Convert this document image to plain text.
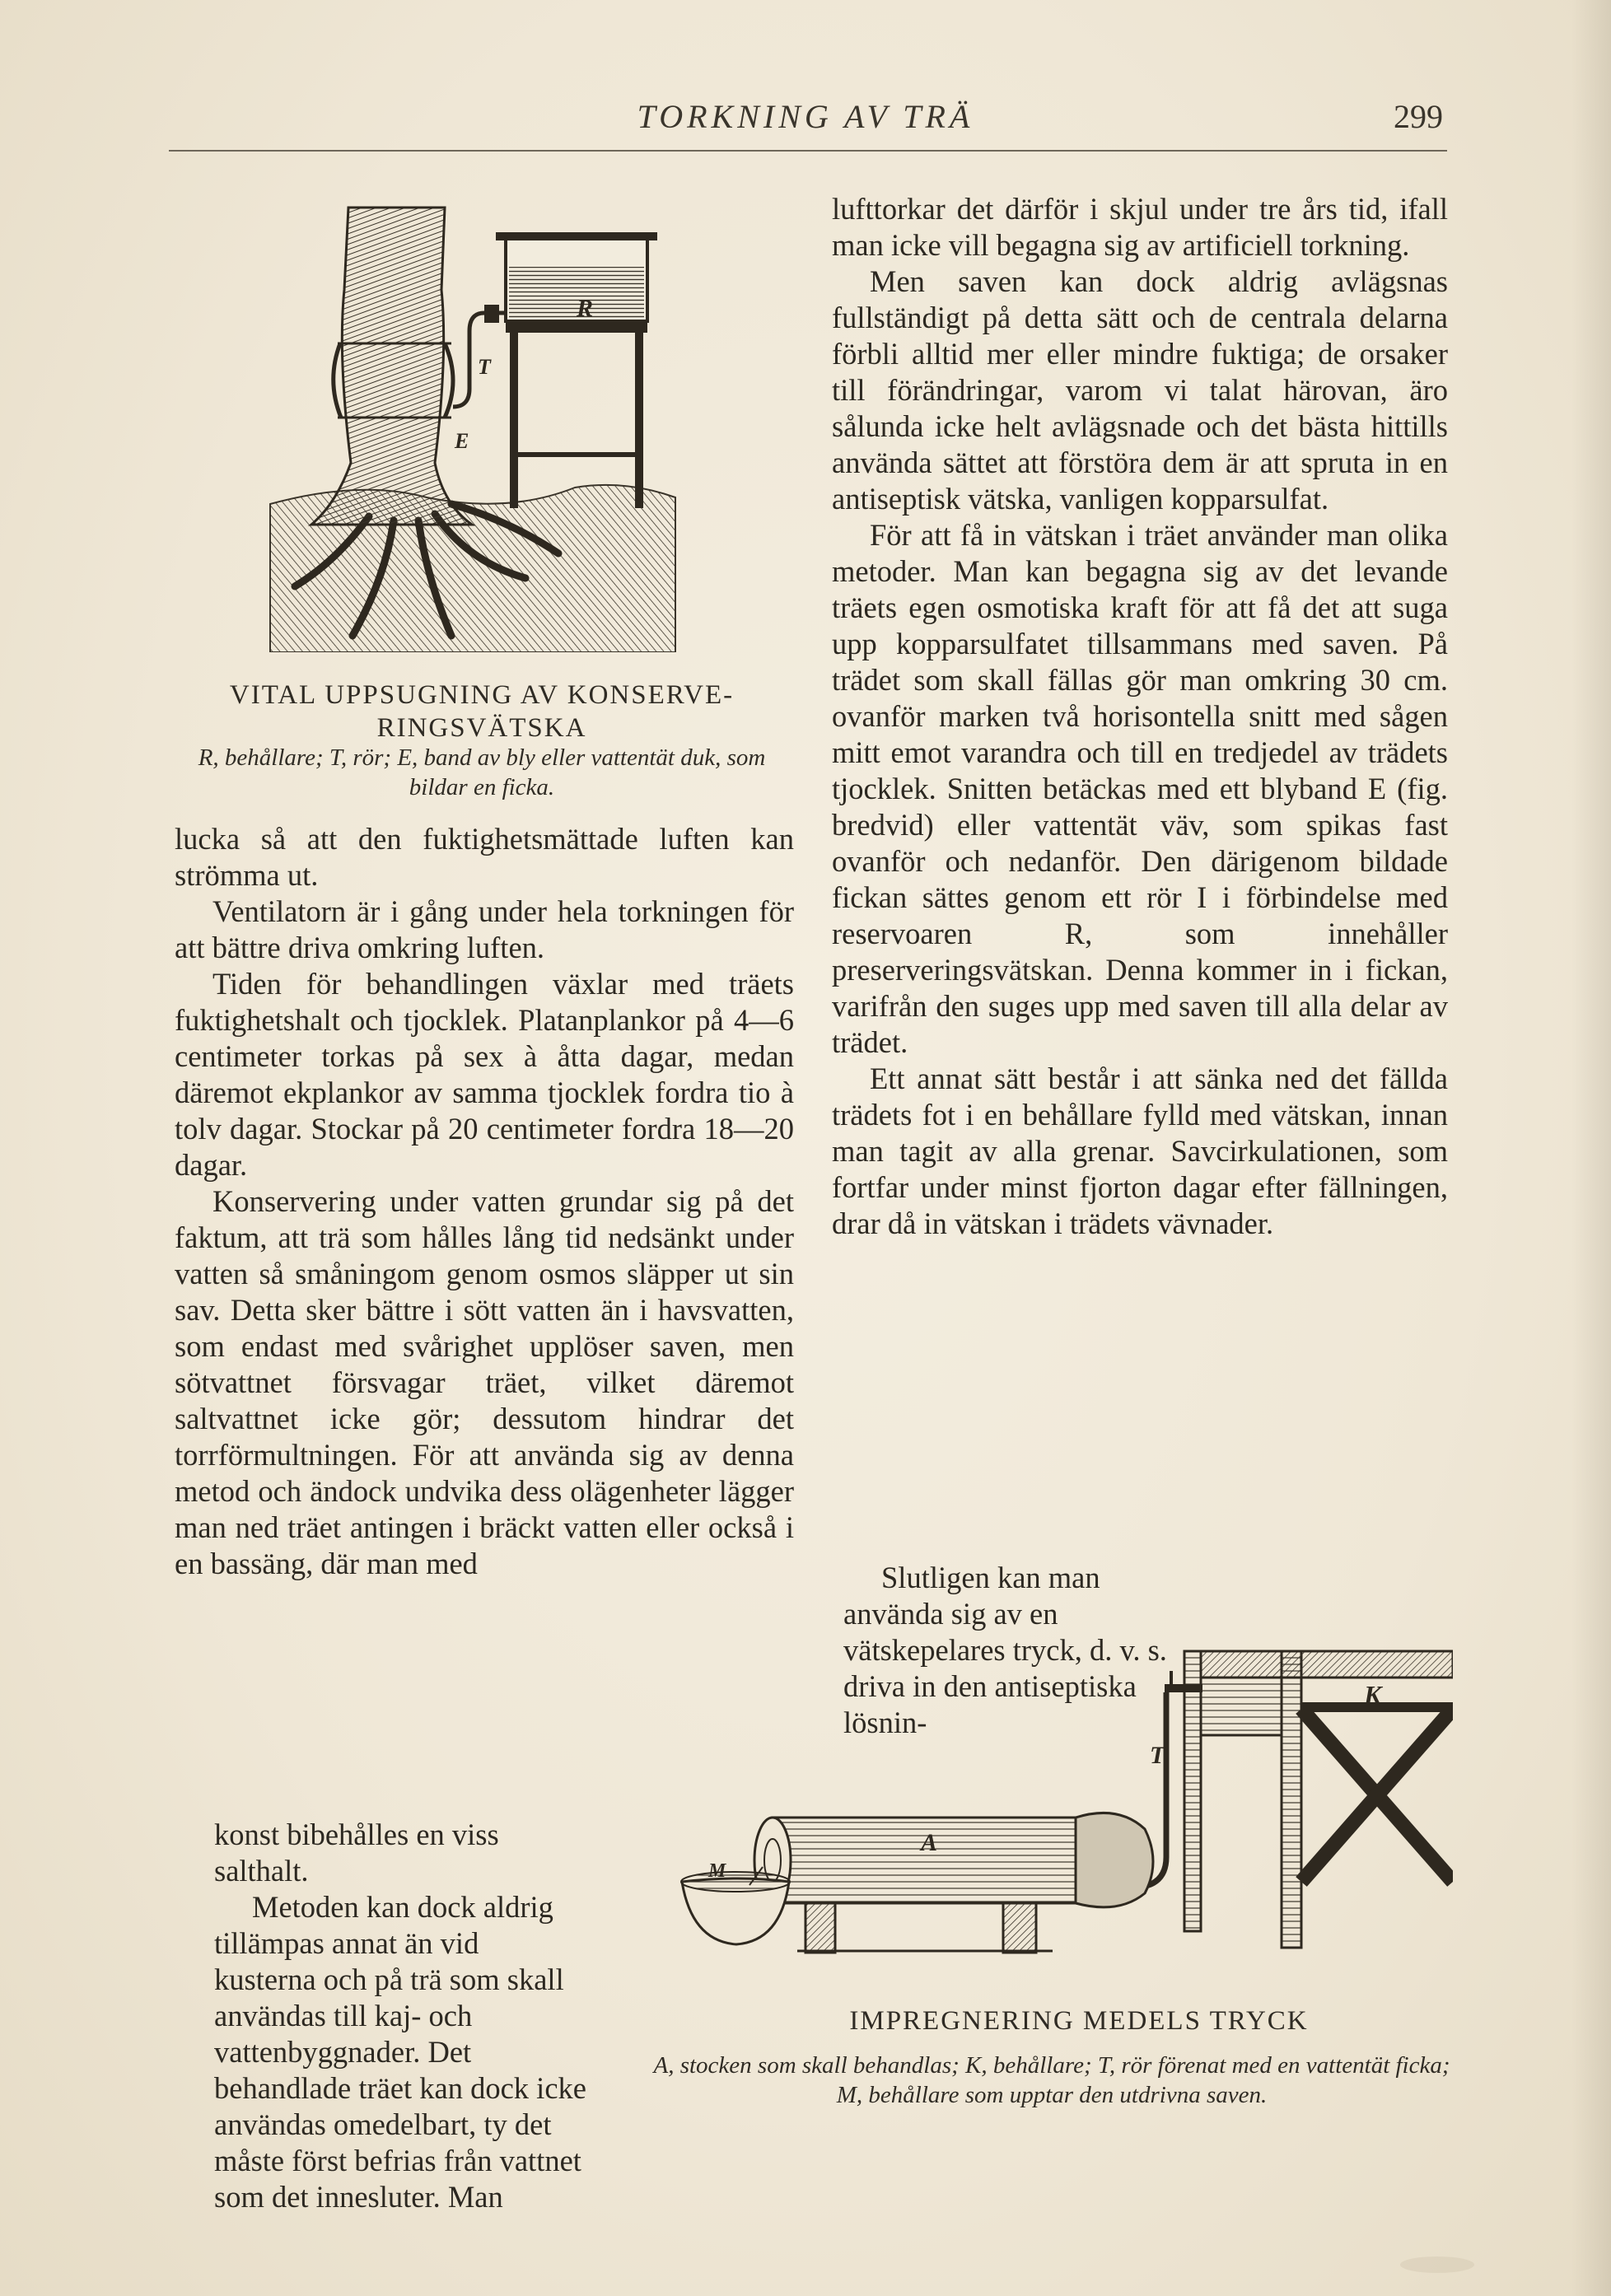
TORKNING AV TRÄ	299
R
T
E
VITAL UPPSUGNING AV KONSERVE-RINGSVÄTSKA
R, behållare; T, rör; E, band av bly eller vattentät duk, som bildar en ficka.

lucka så att den fuktighetsmättade luften kan strömma ut.

Ventilatorn är i gång under hela torkningen för att bättre driva omkring luften.

Tiden för behandlingen växlar med träets fuktighetshalt och tjocklek. Platanplankor på 4—6 centimeter torkas på sex à åtta dagar, medan däremot ekplankor av samma tjocklek fordra tio à tolv dagar. Stockar på 20 centimeter fordra 18—20 dagar.

Konservering under vatten grundar sig på det faktum, att trä som hålles lång tid nedsänkt under vatten så småningom genom osmos släpper ut sin sav. Detta sker bättre i sött vatten än i havsvatten, som endast med svårighet upplöser saven, men sötvattnet försvagar träet, vilket däremot saltvattnet icke gör; dessutom hindrar det torrförmultningen. För att använda sig av denna metod och ändock undvika dess olägenheter lägger man ned träet antingen i bräckt vatten eller också i en bassäng, där man med

konst bibehålles en viss salthalt.

Metoden kan dock aldrig tillämpas annat än vid kusterna och på trä som skall användas till kaj- och vattenbyggnader. Det behandlade träet kan dock icke användas omedelbart, ty det måste först befrias från vattnet som det innesluter. Man

lufttorkar det därför i skjul under tre års tid, ifall man icke vill begagna sig av artificiell torkning.

Men saven kan dock aldrig avlägsnas fullständigt på detta sätt och de centrala delarna förbli alltid mer eller mindre fuktiga; de orsaker till förändringar, varom vi talat härovan, äro sålunda icke helt avlägsnade och det bästa hittills använda sättet att förstöra dem är att spruta in en antiseptisk vätska, vanligen kopparsulfat.

För att få in vätskan i träet använder man olika metoder. Man kan begagna sig av det levande träets egen osmotiska kraft för att få det att suga upp kopparsulfatet tillsammans med saven. På trädet som skall fällas gör man omkring 30 cm. ovanför marken två horisontella snitt med sågen mitt emot varandra och till en tredjedel av trädets tjocklek. Snitten betäckas med ett blyband E (fig. bredvid) eller vattentät väv, som spikas fast ovanför och nedanför. Den därigenom bildade fickan sättes genom ett rör I i förbindelse med reservoaren R, som innehåller preserveringsvätskan. Denna kommer in i fickan, varifrån den suges upp med saven till alla delar av trädet.

Ett annat sätt består i att sänka ned det fällda trädets fot i en behållare fylld med vätskan, innan man tagit av alla grenar. Savcirkulationen, som fortfar under minst fjorton dagar efter fällningen, drar då in vätskan i trädets vävnader.

Slutligen kan man använda sig av en vätskepelares tryck, d. v. s. driva in den antiseptiska lösnin-

K
T
A
M
IMPREGNERING MEDELS TRYCK
A, stocken som skall behandlas; K, behållare; T, rör förenat med en vattentät ficka; M, behållare som upptar den utdrivna saven.
